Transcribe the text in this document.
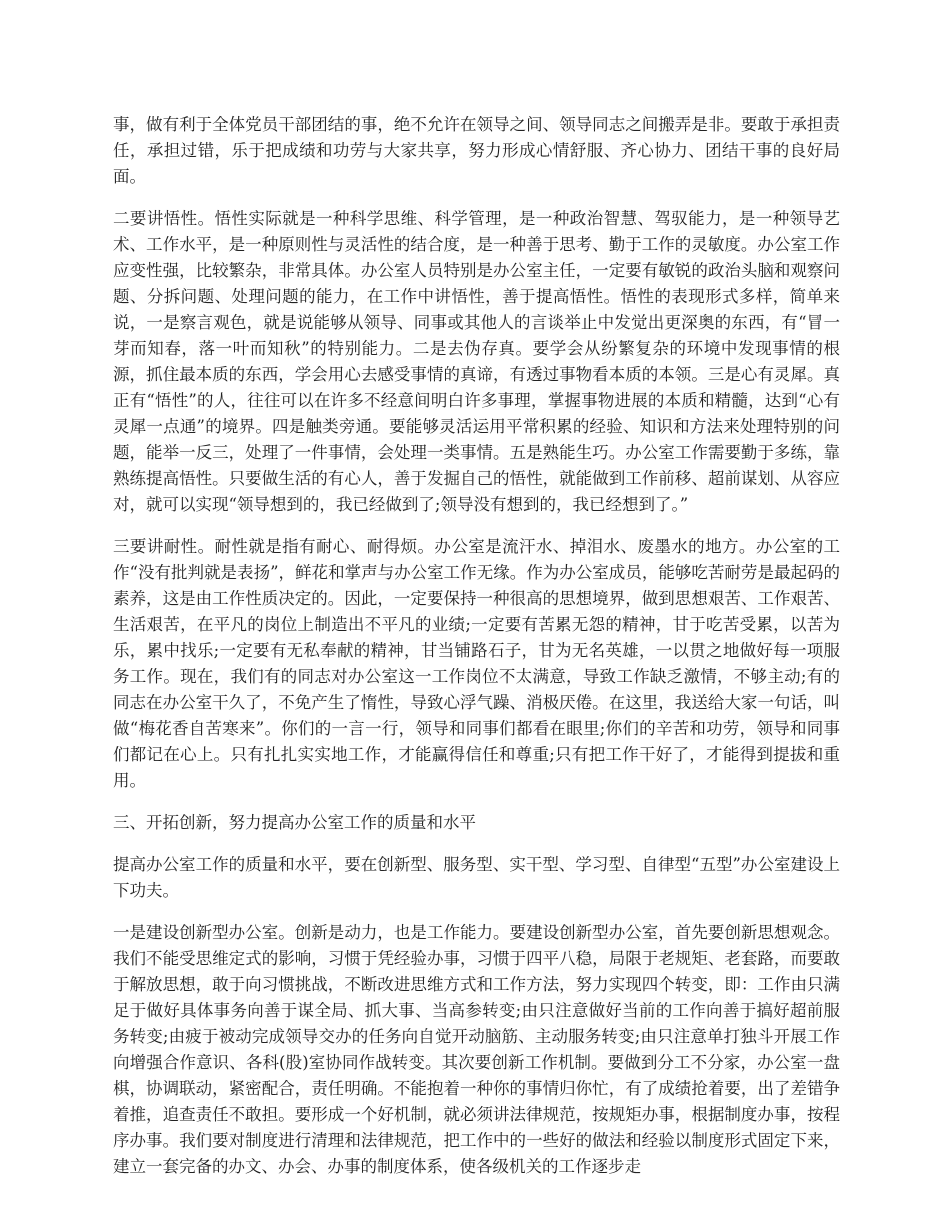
事，做有利于全体党员干部团结的事，绝不允许在领导之间、领导同志之间搬弄是非。要敢于承担责任，承担过错，乐于把成绩和功劳与大家共享，努力形成心情舒服、齐心协力、团结干事的良好局面。

二要讲悟性。悟性实际就是一种科学思维、科学管理，是一种政治智慧、驾驭能力，是一种领导艺术、工作水平，是一种原则性与灵活性的结合度，是一种善于思考、勤于工作的灵敏度。办公室工作应变性强，比较繁杂，非常具体。办公室人员特别是办公室主任，一定要有敏锐的政治头脑和观察问题、分拆问题、处理问题的能力，在工作中讲悟性，善于提高悟性。悟性的表现形式多样，简单来说，一是察言观色，就是说能够从领导、同事或其他人的言谈举止中发觉出更深奥的东西，有“冒一芽而知春，落一叶而知秋”的特别能力。二是去伪存真。要学会从纷繁复杂的环境中发现事情的根源，抓住最本质的东西，学会用心去感受事情的真谛，有透过事物看本质的本领。三是心有灵犀。真正有“悟性”的人，往往可以在许多不经意间明白许多事理，掌握事物进展的本质和精髓，达到“心有灵犀一点通”的境界。四是触类旁通。要能够灵活运用平常积累的经验、知识和方法来处理特别的问题，能举一反三，处理了一件事情，会处理一类事情。五是熟能生巧。办公室工作需要勤于多练，靠熟练提高悟性。只要做生活的有心人，善于发掘自己的悟性，就能做到工作前移、超前谋划、从容应对，就可以实现“领导想到的，我已经做到了;领导没有想到的，我已经想到了。”

三要讲耐性。耐性就是指有耐心、耐得烦。办公室是流汗水、掉泪水、废墨水的地方。办公室的工作“没有批判就是表扬”，鲜花和掌声与办公室工作无缘。作为办公室成员，能够吃苦耐劳是最起码的素养，这是由工作性质决定的。因此，一定要保持一种很高的思想境界，做到思想艰苦、工作艰苦、生活艰苦，在平凡的岗位上制造出不平凡的业绩;一定要有苦累无怨的精神，甘于吃苦受累，以苦为乐，累中找乐;一定要有无私奉献的精神，甘当铺路石子，甘为无名英雄，一以贯之地做好每一项服务工作。现在，我们有的同志对办公室这一工作岗位不太满意，导致工作缺乏激情，不够主动;有的同志在办公室干久了，不免产生了惰性，导致心浮气躁、消极厌倦。在这里，我送给大家一句话，叫做“梅花香自苦寒来”。你们的一言一行，领导和同事们都看在眼里;你们的辛苦和功劳，领导和同事们都记在心上。只有扎扎实实地工作，才能赢得信任和尊重;只有把工作干好了，才能得到提拔和重用。

三、开拓创新，努力提高办公室工作的质量和水平

提高办公室工作的质量和水平，要在创新型、服务型、实干型、学习型、自律型“五型”办公室建设上下功夫。

一是建设创新型办公室。创新是动力，也是工作能力。要建设创新型办公室，首先要创新思想观念。我们不能受思维定式的影响，习惯于凭经验办事，习惯于四平八稳，局限于老规矩、老套路，而要敢于解放思想，敢于向习惯挑战，不断改进思维方式和工作方法，努力实现四个转变，即：工作由只满足于做好具体事务向善于谋全局、抓大事、当高参转变;由只注意做好当前的工作向善于搞好超前服务转变;由疲于被动完成领导交办的任务向自觉开动脑筋、主动服务转变;由只注意单打独斗开展工作向增强合作意识、各科(股)室协同作战转变。其次要创新工作机制。要做到分工不分家，办公室一盘棋，协调联动，紧密配合，责任明确。不能抱着一种你的事情归你忙，有了成绩抢着要，出了差错争着推，追查责任不敢担。要形成一个好机制，就必须讲法律规范，按规矩办事，根据制度办事，按程序办事。我们要对制度进行清理和法律规范，把工作中的一些好的做法和经验以制度形式固定下来，建立一套完备的办文、办会、办事的制度体系，使各级机关的工作逐步走
